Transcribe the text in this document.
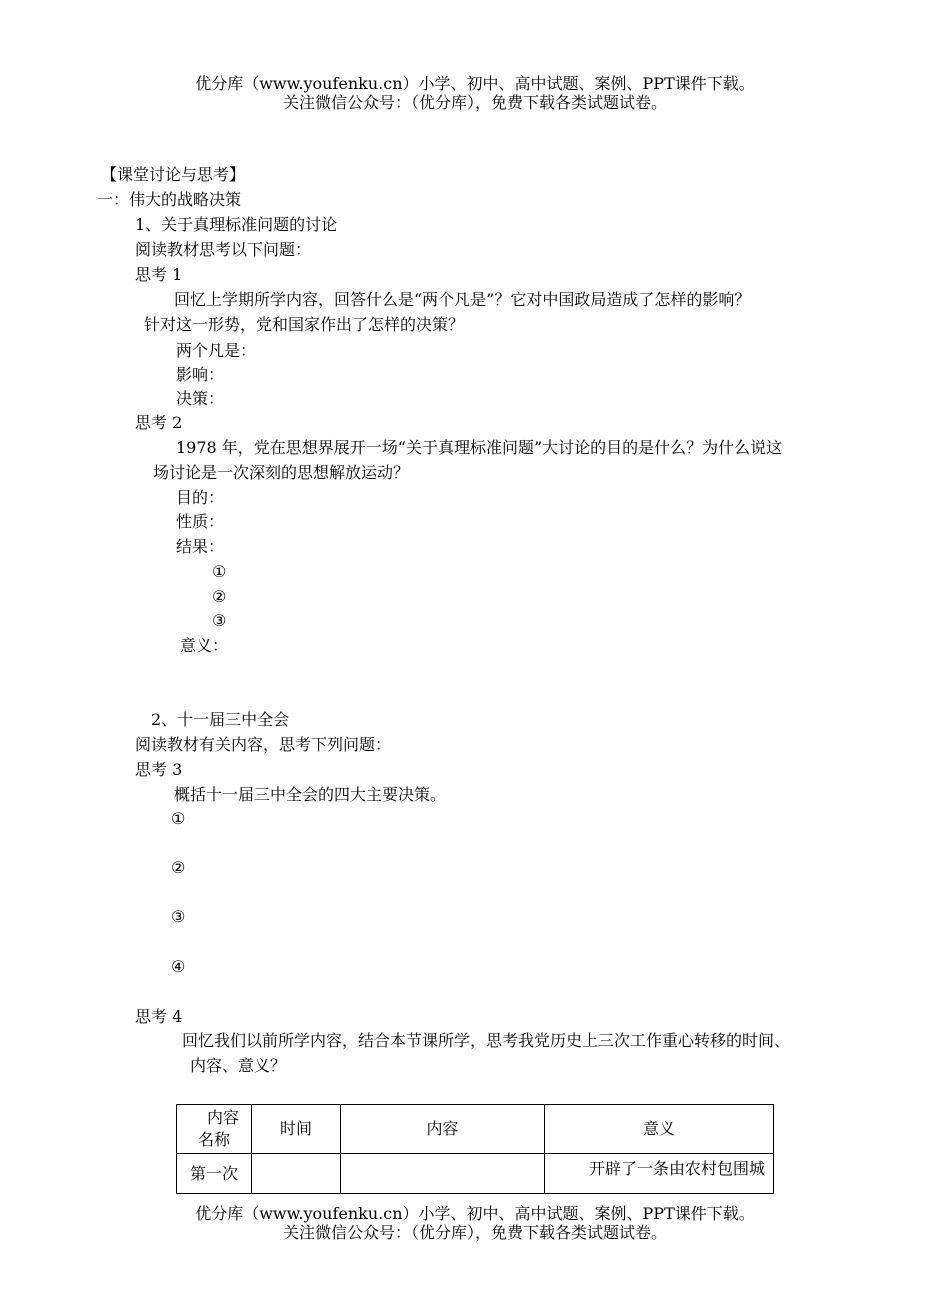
优分库（www.youfenku.cn）小学、初中、高中试题、案例、PPT课件下载。
关注微信公众号：（优分库），免费下载各类试题试卷。
【课堂讨论与思考】
一：伟大的战略决策
1、关于真理标准问题的讨论
阅读教材思考以下问题：
思考 1
回忆上学期所学内容，回答什么是“两个凡是”？它对中国政局造成了怎样的影响？
针对这一形势，党和国家作出了怎样的决策？
两个凡是：
影响：
决策：
思考 2
1978 年，党在思想界展开一场“关于真理标准问题”大讨论的目的是什么？为什么说这
场讨论是一次深刻的思想解放运动？
目的：
性质：
结果：
①
②
③
意义：
2、十一届三中全会
阅读教材有关内容，思考下列问题：
思考 3
概括十一届三中全会的四大主要决策。
①
②
③
④
思考 4
回忆我们以前所学内容，结合本节课所学，思考我党历史上三次工作重心转移的时间、
内容、意义？
内容
名称	时间	内容	意义
第一次			开辟了一条由农村包围城
优分库（www.youfenku.cn）小学、初中、高中试题、案例、PPT课件下载。
关注微信公众号：（优分库），免费下载各类试题试卷。
